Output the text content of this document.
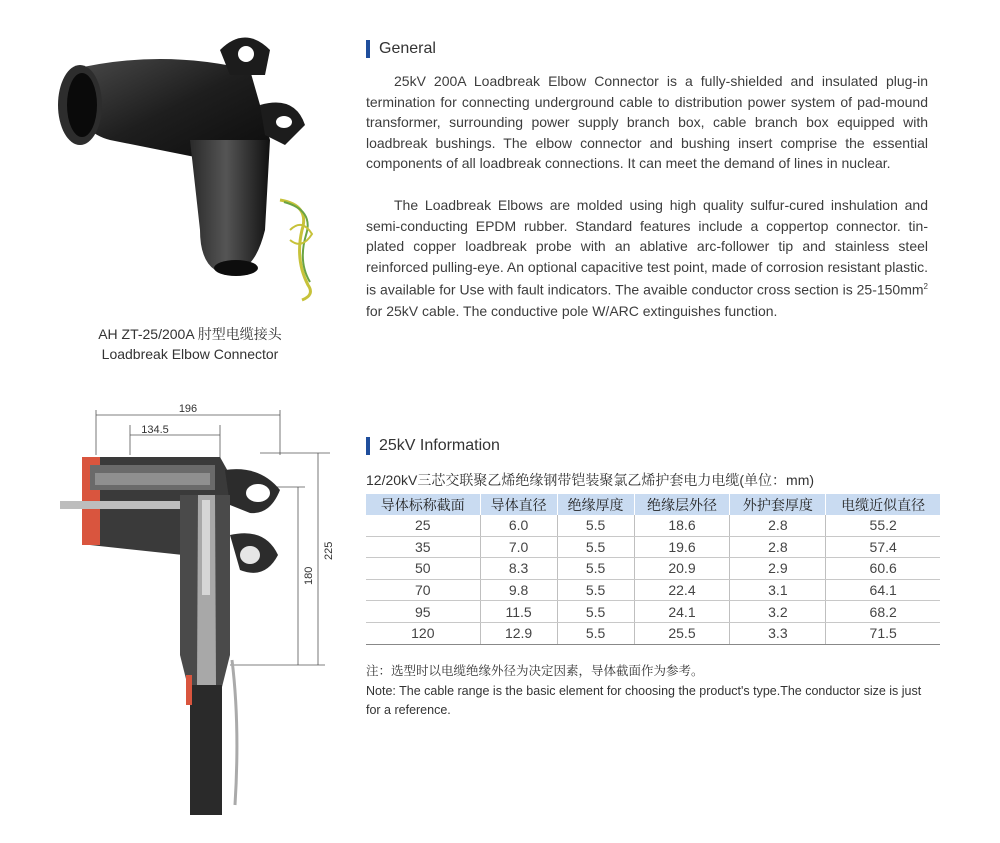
AH ZT-25/200A 肘型电缆接头
Loadbreak Elbow Connector
General
25kV 200A Loadbreak Elbow Connector is a fully-shielded and insulated plug-in termination for connecting underground cable to distribution power system of pad-mound transformer, surrounding power supply branch box, cable branch box equipped with loadbreak bushings. The elbow connector and bushing insert comprise the essential components of all loadbreak connections. It can meet the demand of lines in nuclear.
The Loadbreak Elbows are molded using high quality sulfur-cured inshulation and semi-conducting EPDM rubber. Standard features include a coppertop connector. tin-plated copper loadbreak probe with an ablative arc-follower tip and stainless steel reinforced pulling-eye. An optional capacitive test point, made of corrosion resistant plastic. is available for Use with fault indicators. The avaible conductor cross section is $25-150mm^2$ for 25kV cable. The conductive pole W/ARC extinguishes function.
196
134.5
225
180
25kV Information
12/20kV三芯交联聚乙烯绝缘钢带铠装聚氯乙烯护套电力电缆(单位：mm)
导体标称截面	导体直径	绝缘厚度	绝缘层外径	外护套厚度	电缆近似直径
25	6.0	5.5	18.6	2.8	55.2
35	7.0	5.5	19.6	2.8	57.4
50	8.3	5.5	20.9	2.9	60.6
70	9.8	5.5	22.4	3.1	64.1
95	11.5	5.5	24.1	3.2	68.2
120	12.9	5.5	25.5	3.3	71.5
注：选型时以电缆绝缘外径为决定因素，导体截面作为参考。
Note: The cable range is the basic element for choosing the product's type.The conductor size is just for a reference.
